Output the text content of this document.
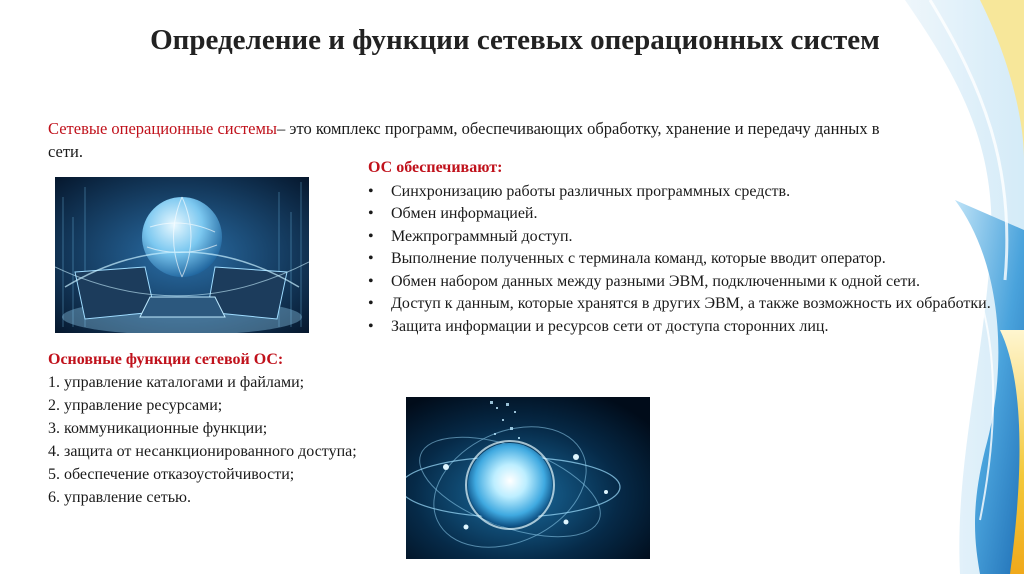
Определение и функции сетевых операционных систем
Сетевые операционные системы– это комплекс программ, обеспечивающих обработку, хранение и передачу данных в сети.
Основные функции сетевой ОС:
1. управление каталогами и файлами;
2. управление ресурсами;
3. коммуникационные функции;
4. защита от несанкционированного доступа;
5. обеспечение отказоустойчивости;
6. управление сетью.
ОС обеспечивают:

• Синхронизацию работы различных программных средств.

• Обмен информацией.

• Межпрограммный доступ.

• Выполнение полученных с терминала команд, которые вводит оператор.

• Обмен набором данных между разными ЭВМ, подключенными к одной сети.

• Доступ к данным, которые хранятся в других ЭВМ, а также возможность их обработки.

• Защита информации и ресурсов сети от доступа сторонних лиц.
